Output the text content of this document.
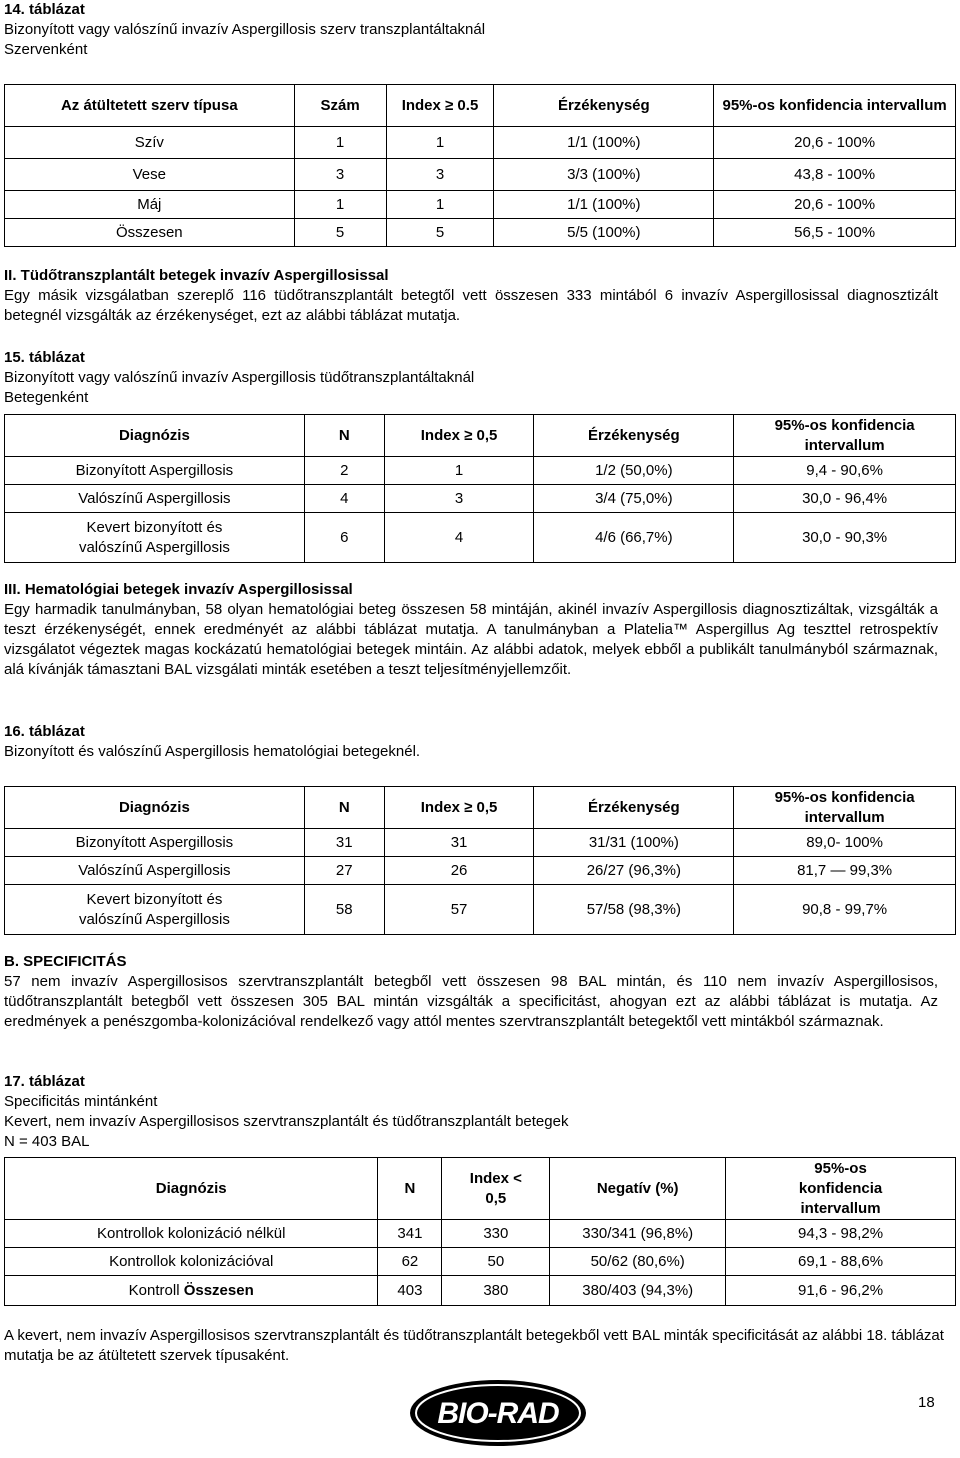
14. táblázat
Bizonyított vagy valószínű invazív Aspergillosis szerv transzplantáltaknál
Szervenként
Az átültetett szerv típusa	Szám	Index ≥ 0.5	Érzékenység	95%-os konfidencia intervallum
Szív	1	1	1/1 (100%)	20,6 - 100%
Vese	3	3	3/3 (100%)	43,8 - 100%
Máj	1	1	1/1 (100%)	20,6 - 100%
Összesen	5	5	5/5 (100%)	56,5 - 100%
II. Tüdőtranszplantált betegek invazív Aspergillosissal

Egy másik vizsgálatban szereplő 116 tüdőtranszplantált betegtől vett összesen 333 mintából 6 invazív Aspergillosissal diagnosztizált betegnél vizsgálták az érzékenységet, ezt az alábbi táblázat mutatja.

15. táblázat
Bizonyított vagy valószínű invazív Aspergillosis tüdőtranszplantáltaknál
Betegenként
Diagnózis	N	Index ≥ 0,5	Érzékenység	95%-os konfidencia intervallum
Bizonyított Aspergillosis	2	1	1/2 (50,0%)	9,4 - 90,6%
Valószínű Aspergillosis	4	3	3/4 (75,0%)	30,0 - 96,4%
Kevert bizonyított és valószínű Aspergillosis	6	4	4/6 (66,7%)	30,0 - 90,3%
III. Hematológiai betegek invazív Aspergillosissal

Egy harmadik tanulmányban, 58 olyan hematológiai beteg összesen 58 mintáján, akinél invazív Aspergillosis diagnosztizáltak, vizsgálták a teszt érzékenységét, ennek eredményét az alábbi táblázat mutatja. A tanulmányban a Platelia™ Aspergillus Ag teszttel retrospektív vizsgálatot végeztek magas kockázatú hematológiai betegek mintáin. Az alábbi adatok, melyek ebből a publikált tanulmányból származnak, alá kívánják támasztani BAL vizsgálati minták esetében a teszt teljesítményjellemzőit.

16. táblázat
Bizonyított és valószínű Aspergillosis hematológiai betegeknél.
Diagnózis	N	Index ≥ 0,5	Érzékenység	95%-os konfidencia intervallum
Bizonyított Aspergillosis	31	31	31/31 (100%)	89,0- 100%
Valószínű Aspergillosis	27	26	26/27 (96,3%)	81,7 — 99,3%
Kevert bizonyított és valószínű Aspergillosis	58	57	57/58 (98,3%)	90,8 - 99,7%
B. SPECIFICITÁS

57 nem invazív Aspergillosisos szervtranszplantált betegből vett összesen 98 BAL mintán, és 110 nem invazív Aspergillosisos, tüdőtranszplantált betegből vett összesen 305 BAL mintán vizsgálták a specificitást, ahogyan ezt az alábbi táblázat is mutatja. Az eredmények a penészgomba-kolonizációval rendelkező vagy attól mentes szervtranszplantált betegektől vett mintákból származnak.

17. táblázat
Specificitás mintánként
Kevert, nem invazív Aspergillosisos szervtranszplantált és tüdőtranszplantált betegek
N = 403 BAL
Diagnózis	N	Index < 0,5	Negatív (%)	95%-os konfidencia intervallum
Kontrollok kolonizáció nélkül	341	330	330/341 (96,8%)	94,3 - 98,2%
Kontrollok kolonizációval	62	50	50/62 (80,6%)	69,1 - 88,6%
Kontroll Összesen	403	380	380/403 (94,3%)	91,6 - 96,2%

A kevert, nem invazív Aspergillosisos szervtranszplantált és tüdőtranszplantált betegekből vett BAL minták specificitását az alábbi 18. táblázat mutatja be az átültetett szervek típusaként.

18
BIO-RAD
